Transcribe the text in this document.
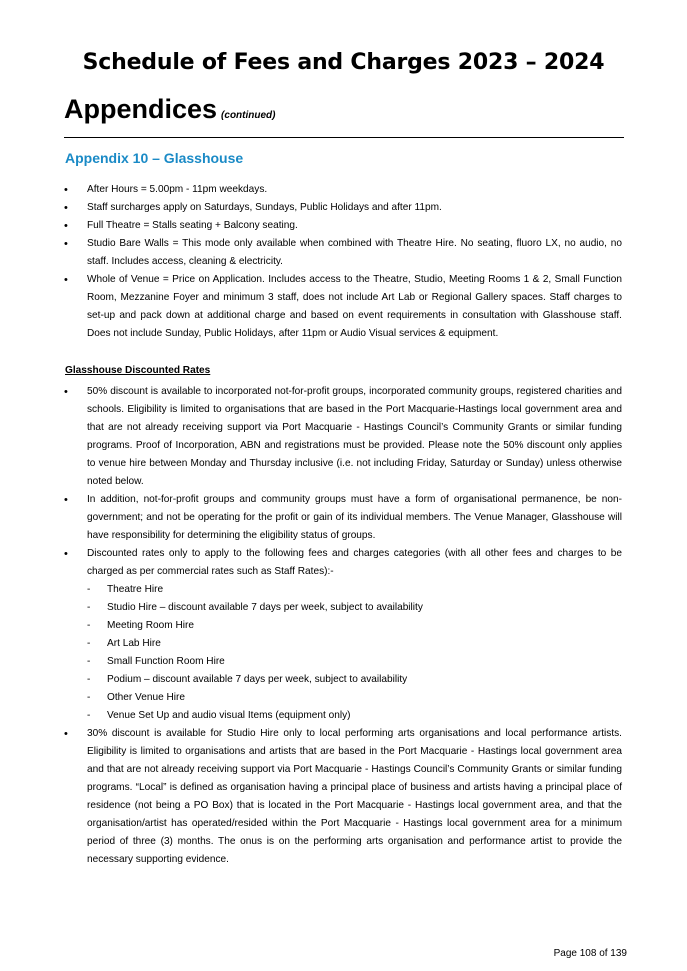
Schedule of Fees and Charges 2023 – 2024
Appendices (continued)
Appendix 10 – Glasshouse
• After Hours = 5.00pm - 11pm weekdays.
• Staff surcharges apply on Saturdays, Sundays, Public Holidays and after 11pm.
• Full Theatre = Stalls seating + Balcony seating.
• Studio Bare Walls = This mode only available when combined with Theatre Hire. No seating, fluoro LX, no audio, no staff. Includes access, cleaning & electricity.
• Whole of Venue = Price on Application. Includes access to the Theatre, Studio, Meeting Rooms 1 & 2, Small Function Room, Mezzanine Foyer and minimum 3 staff, does not include Art Lab or Regional Gallery spaces. Staff charges to set-up and pack down at additional charge and based on event requirements in consultation with Glasshouse staff. Does not include Sunday, Public Holidays, after 11pm or Audio Visual services & equipment.

Glasshouse Discounted Rates

• 50% discount is available to incorporated not-for-profit groups, incorporated community groups, registered charities and schools. Eligibility is limited to organisations that are based in the Port Macquarie-Hastings local government area and that are not already receiving support via Port Macquarie - Hastings Council’s Community Grants or similar funding programs. Proof of Incorporation, ABN and registrations must be provided. Please note the 50% discount only applies to venue hire between Monday and Thursday inclusive (i.e. not including Friday, Saturday or Sunday) unless otherwise noted below.
• In addition, not-for-profit groups and community groups must have a form of organisational permanence, be non-government; and not be operating for the profit or gain of its individual members. The Venue Manager, Glasshouse will have responsibility for determining the eligibility status of groups.
• Discounted rates only to apply to the following fees and charges categories (with all other fees and charges to be charged as per commercial rates such as Staff Rates):-
- Theatre Hire
- Studio Hire – discount available 7 days per week, subject to availability
- Meeting Room Hire
- Art Lab Hire
- Small Function Room Hire
- Podium – discount available 7 days per week, subject to availability
- Other Venue Hire
- Venue Set Up and audio visual Items (equipment only)
• 30% discount is available for Studio Hire only to local performing arts organisations and local performance artists. Eligibility is limited to organisations and artists that are based in the Port Macquarie - Hastings local government area and that are not already receiving support via Port Macquarie - Hastings Council’s Community Grants or similar funding programs. “Local” is defined as organisation having a principal place of business and artists having a principal place of residence (not being a PO Box) that is located in the Port Macquarie - Hastings local government area, and that the organisation/artist has operated/resided within the Port Macquarie - Hastings local government area for a minimum period of three (3) months. The onus is on the performing arts organisation and performance artist to provide the necessary supporting evidence.

Page 108 of 139
